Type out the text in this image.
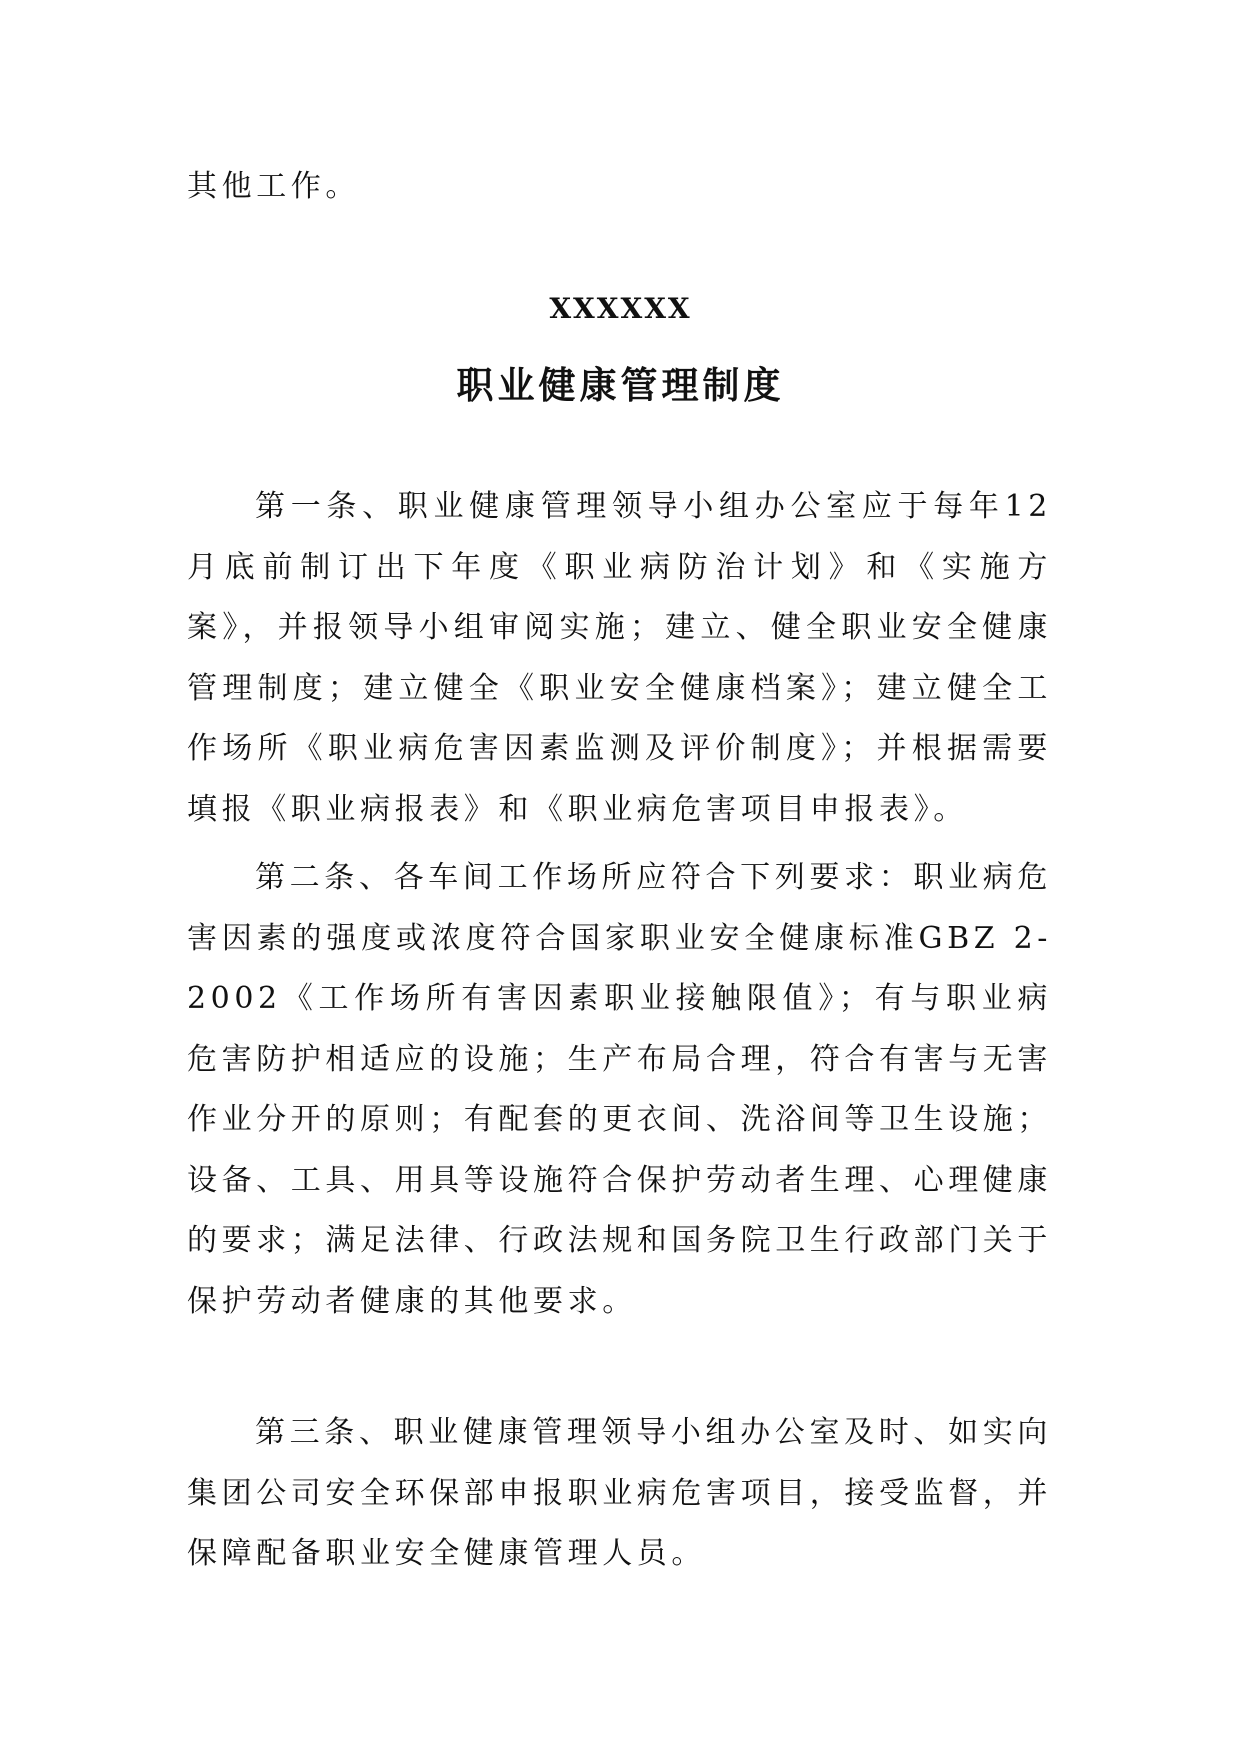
其他工作。

XXXXXX
职业健康管理制度

第一条、职业健康管理领导小组办公室应于每年12月底前制订出下年度《职业病防治计划》和《实施方案》，并报领导小组审阅实施；建立、健全职业安全健康管理制度；建立健全《职业安全健康档案》；建立健全工作场所《职业病危害因素监测及评价制度》；并根据需要填报《职业病报表》和《职业病危害项目申报表》。

第二条、各车间工作场所应符合下列要求：职业病危害因素的强度或浓度符合国家职业安全健康标准GBZ 2-2002《工作场所有害因素职业接触限值》；有与职业病危害防护相适应的设施；生产布局合理，符合有害与无害作业分开的原则；有配套的更衣间、洗浴间等卫生设施；设备、工具、用具等设施符合保护劳动者生理、心理健康的要求；满足法律、行政法规和国务院卫生行政部门关于保护劳动者健康的其他要求。

第三条、职业健康管理领导小组办公室及时、如实向集团公司安全环保部申报职业病危害项目，接受监督，并保障配备职业安全健康管理人员。
